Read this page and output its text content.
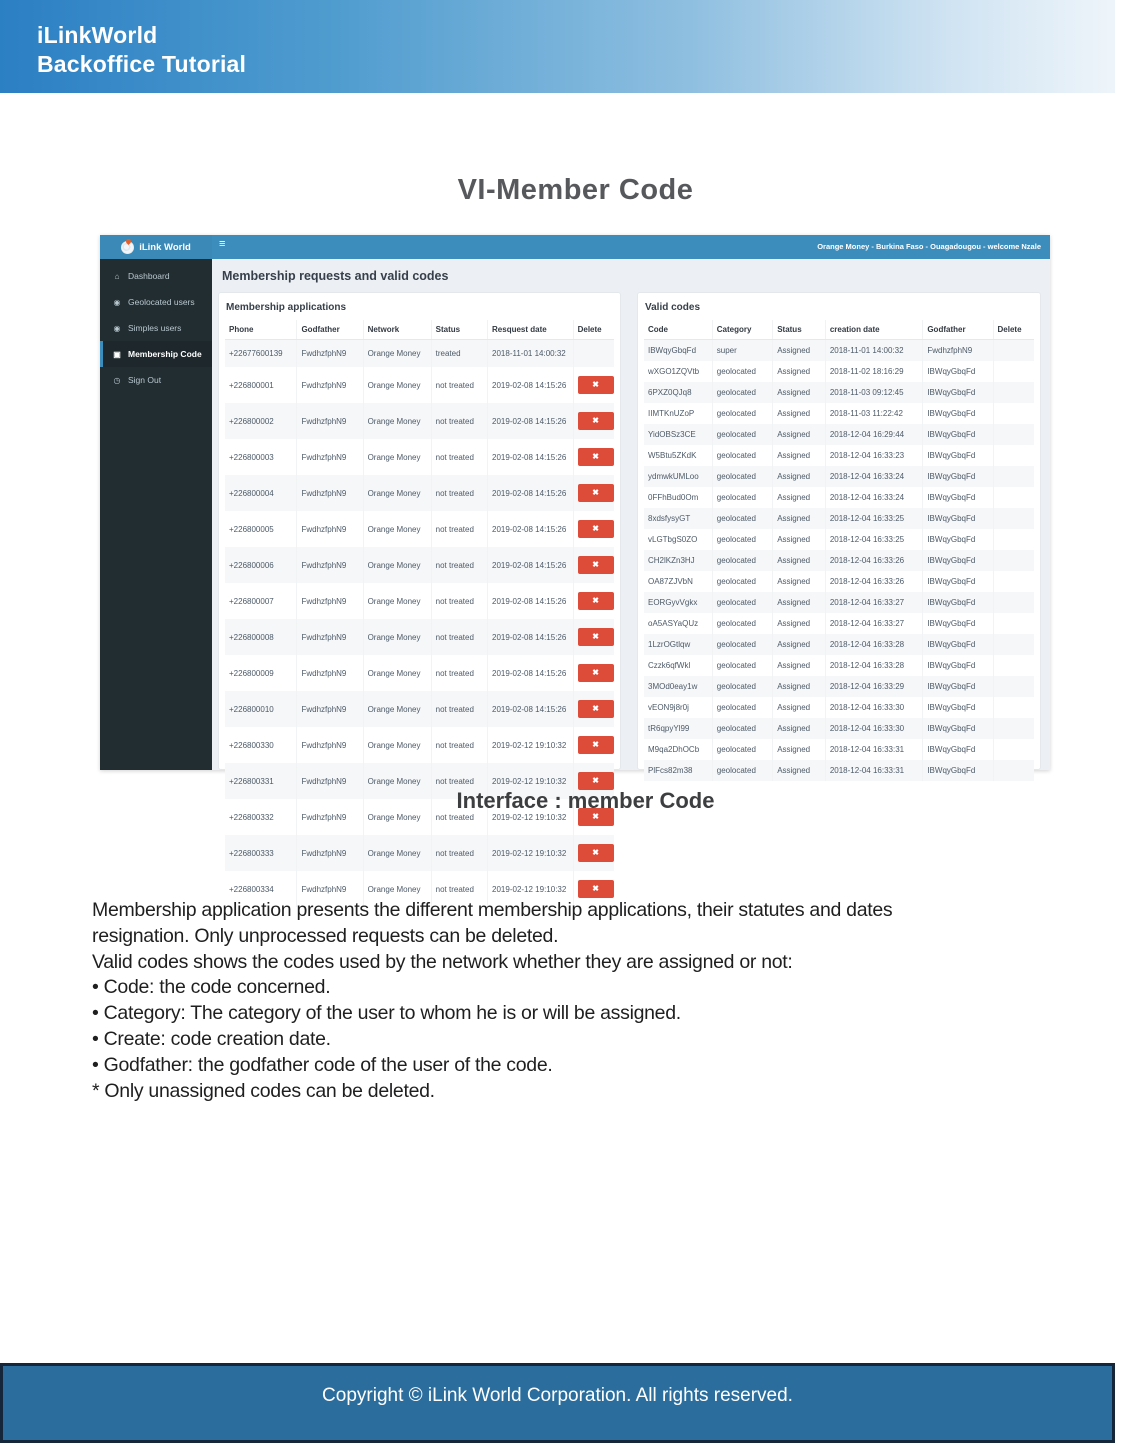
iLinkWorld
Backoffice Tutorial
VI-Member Code
iLink World	≡	Orange Money - Burkina Faso - Ouagadougou - welcome Nzale
⌂	Dashboard
◉ Geolocated users
◉ Simples users
▣ Membership Code
◷ Sign Out
Membership requests and valid codes
Membership applications
Phone	Godfather	Network	Status	Resquest date	Delete
+22677600139	FwdhzfphN9	Orange Money	treated	2018-11-01 14:00:32	
+226800001	FwdhzfphN9	Orange Money	not treated	2019-02-08 14:15:26	✖

+226800002	FwdhzfphN9	Orange Money	not treated	2019-02-08 14:15:26	✖

+226800003	FwdhzfphN9	Orange Money	not treated	2019-02-08 14:15:26	✖

+226800004	FwdhzfphN9	Orange Money	not treated	2019-02-08 14:15:26	✖

+226800005	FwdhzfphN9	Orange Money	not treated	2019-02-08 14:15:26	✖

+226800006	FwdhzfphN9	Orange Money	not treated	2019-02-08 14:15:26	✖

+226800007	FwdhzfphN9	Orange Money	not treated	2019-02-08 14:15:26	✖

+226800008	FwdhzfphN9	Orange Money	not treated	2019-02-08 14:15:26	✖

+226800009	FwdhzfphN9	Orange Money	not treated	2019-02-08 14:15:26	✖

+226800010	FwdhzfphN9	Orange Money	not treated	2019-02-08 14:15:26	✖

+226800330	FwdhzfphN9	Orange Money	not treated	2019-02-12 19:10:32	✖

+226800331	FwdhzfphN9	Orange Money	not treated	2019-02-12 19:10:32	✖

+226800332	FwdhzfphN9	Orange Money	not treated	2019-02-12 19:10:32	✖

+226800333	FwdhzfphN9	Orange Money	not treated	2019-02-12 19:10:32	✖

+226800334	FwdhzfphN9	Orange Money	not treated	2019-02-12 19:10:32	✖
Valid codes
Code	Category	Status	creation date	Godfather	Delete
IBWqyGbqFd	super	Assigned	2018-11-01 14:00:32	FwdhzfphN9	
wXGO1ZQVtb	geolocated	Assigned	2018-11-02 18:16:29	IBWqyGbqFd	
6PXZ0QJq8	geolocated	Assigned	2018-11-03 09:12:45	IBWqyGbqFd	
IIMTKnUZoP	geolocated	Assigned	2018-11-03 11:22:42	IBWqyGbqFd	
YidOBSz3CE	geolocated	Assigned	2018-12-04 16:29:44	IBWqyGbqFd	
W5Btu5ZKdK	geolocated	Assigned	2018-12-04 16:33:23	IBWqyGbqFd	
ydmwkUMLoo	geolocated	Assigned	2018-12-04 16:33:24	IBWqyGbqFd	
0FFhBud0Om	geolocated	Assigned	2018-12-04 16:33:24	IBWqyGbqFd	
8xdsfysyGT	geolocated	Assigned	2018-12-04 16:33:25	IBWqyGbqFd	
vLGTbgS0ZO	geolocated	Assigned	2018-12-04 16:33:25	IBWqyGbqFd	
CH2lKZn3HJ	geolocated	Assigned	2018-12-04 16:33:26	IBWqyGbqFd	
OA87ZJVbN	geolocated	Assigned	2018-12-04 16:33:26	IBWqyGbqFd	
EORGyvVgkx	geolocated	Assigned	2018-12-04 16:33:27	IBWqyGbqFd	
oA5ASYaQUz	geolocated	Assigned	2018-12-04 16:33:27	IBWqyGbqFd	
1LzrOGtlqw	geolocated	Assigned	2018-12-04 16:33:28	IBWqyGbqFd	
Czzk6qfWkl	geolocated	Assigned	2018-12-04 16:33:28	IBWqyGbqFd	
3MOd0eay1w	geolocated	Assigned	2018-12-04 16:33:29	IBWqyGbqFd	
vEON9j8r0j	geolocated	Assigned	2018-12-04 16:33:30	IBWqyGbqFd	
tR6qpyYl99	geolocated	Assigned	2018-12-04 16:33:30	IBWqyGbqFd	
M9qa2DhOCb	geolocated	Assigned	2018-12-04 16:33:31	IBWqyGbqFd	
PlFcs82m38	geolocated	Assigned	2018-12-04 16:33:31	IBWqyGbqFd	
Interface : member Code
Membership application presents the different membership applications, their statutes and dates
resignation. Only unprocessed requests can be deleted.
Valid codes shows the codes used by the network whether they are assigned or not:
• Code: the code concerned.
• Category: The category of the user to whom he is or will be assigned.
• Create: code creation date.
• Godfather: the godfather code of the user of the code.
* Only unassigned codes can be deleted.
Copyright © iLink World Corporation. All rights reserved.
